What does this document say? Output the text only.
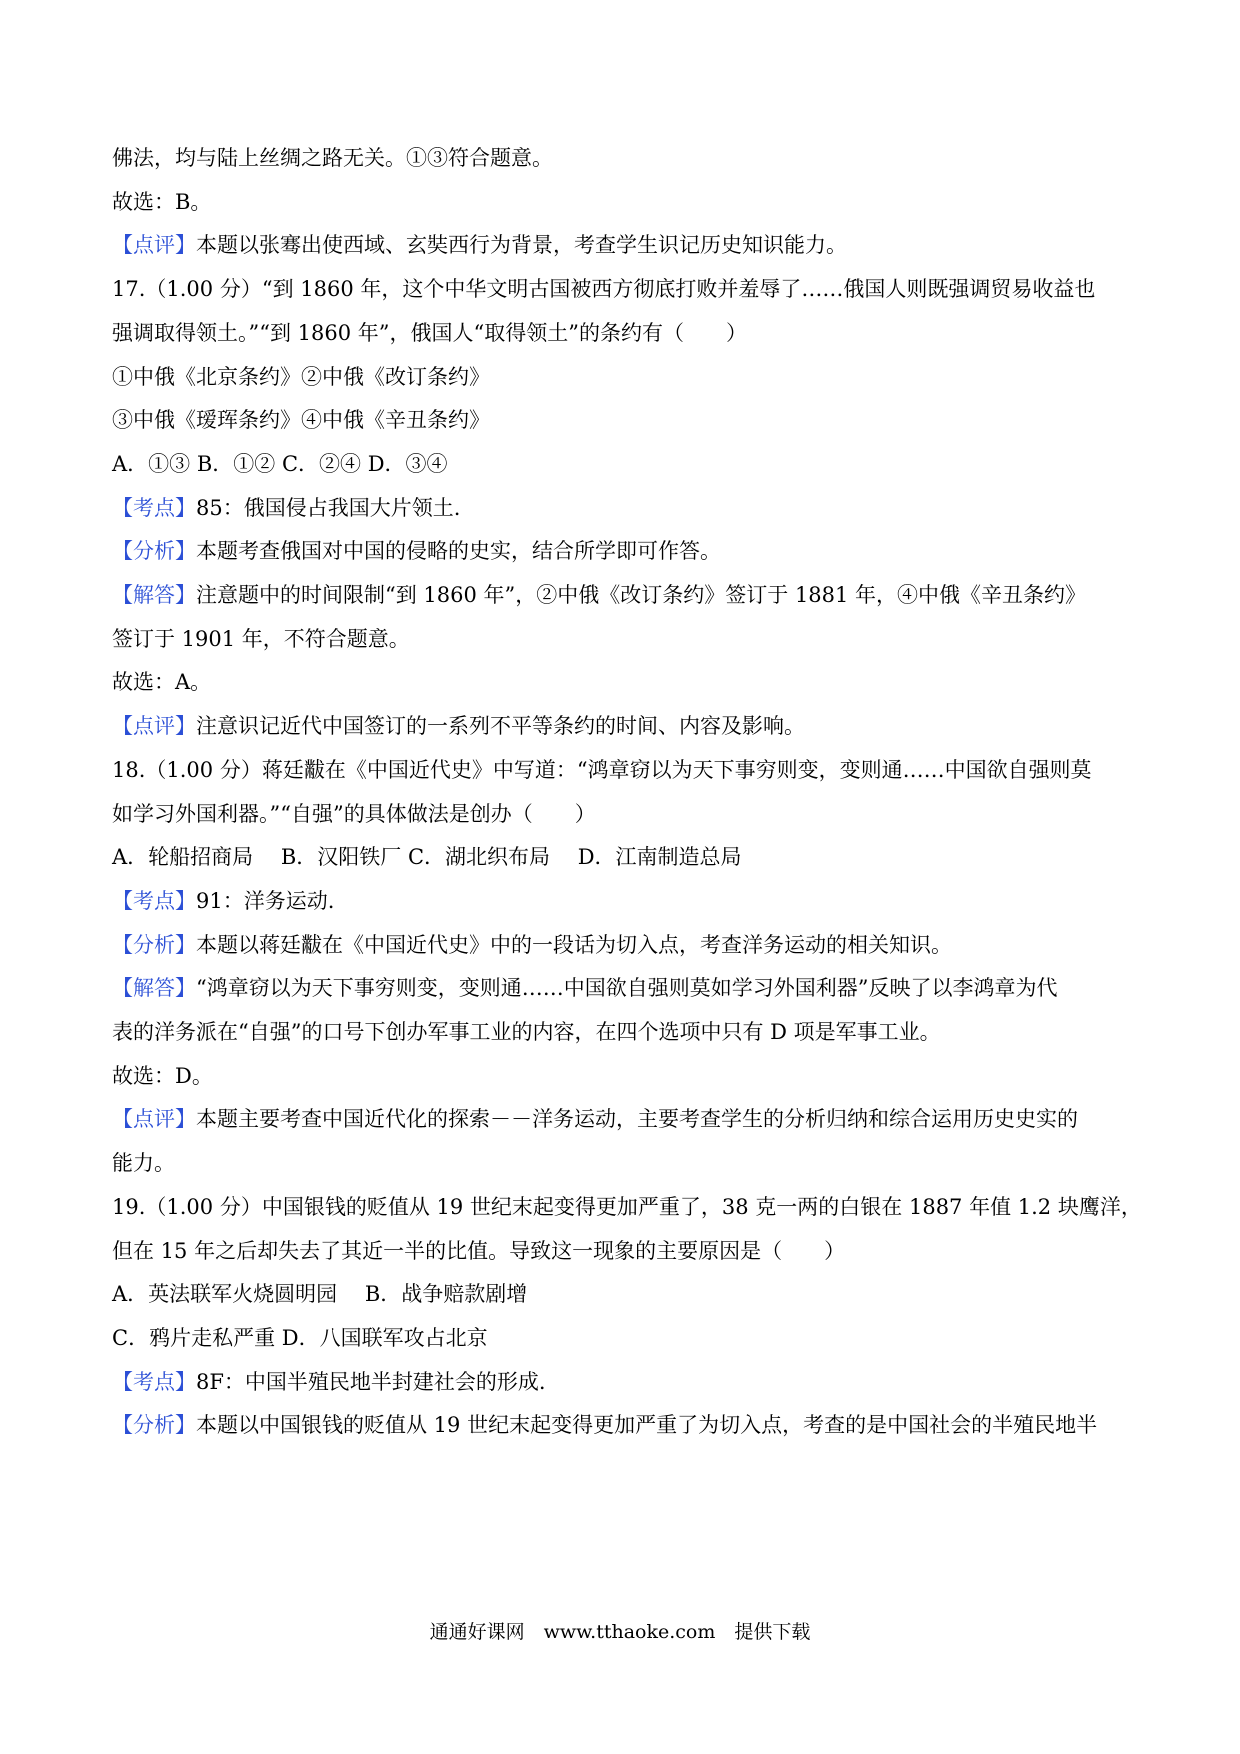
佛法，均与陆上丝绸之路无关。①③符合题意。
故选：B。
【点评】本题以张骞出使西域、玄奘西行为背景，考查学生识记历史知识能力。
17.（1.00 分）“到 1860 年，这个中华文明古国被西方彻底打败并羞辱了……俄国人则既强调贸易收益也
强调取得领土。”“到 1860 年”，俄国人“取得领土”的条约有（　　）
①中俄《北京条约》②中俄《改订条约》
③中俄《瑷珲条约》④中俄《辛丑条约》
A．①③ B．①② C．②④ D．③④
【考点】85：俄国侵占我国大片领土.
【分析】本题考查俄国对中国的侵略的史实，结合所学即可作答。
【解答】注意题中的时间限制“到 1860 年”，②中俄《改订条约》签订于 1881 年，④中俄《辛丑条约》
签订于 1901 年，不符合题意。
故选：A。
【点评】注意识记近代中国签订的一系列不平等条约的时间、内容及影响。
18.（1.00 分）蒋廷黻在《中国近代史》中写道：“鸿章窃以为天下事穷则变，变则通……中国欲自强则莫
如学习外国利器。”“自强”的具体做法是创办（　　）
A．轮船招商局　 B．汉阳铁厂 C．湖北织布局　 D．江南制造总局
【考点】91：洋务运动.
【分析】本题以蒋廷黻在《中国近代史》中的一段话为切入点，考查洋务运动的相关知识。
【解答】“鸿章窃以为天下事穷则变，变则通……中国欲自强则莫如学习外国利器”反映了以李鸿章为代
表的洋务派在“自强”的口号下创办军事工业的内容，在四个选项中只有 D 项是军事工业。
故选：D。
【点评】本题主要考查中国近代化的探索－－洋务运动，主要考查学生的分析归纳和综合运用历史史实的
能力。
19.（1.00 分）中国银钱的贬值从 19 世纪末起变得更加严重了，38 克一两的白银在 1887 年值 1.2 块鹰洋，
但在 15 年之后却失去了其近一半的比值。导致这一现象的主要原因是（　　）
A．英法联军火烧圆明园　 B．战争赔款剧增
C．鸦片走私严重 D．八国联军攻占北京
【考点】8F：中国半殖民地半封建社会的形成.
【分析】本题以中国银钱的贬值从 19 世纪末起变得更加严重了为切入点，考查的是中国社会的半殖民地半
通通好课网　www.tthaoke.com　提供下载
